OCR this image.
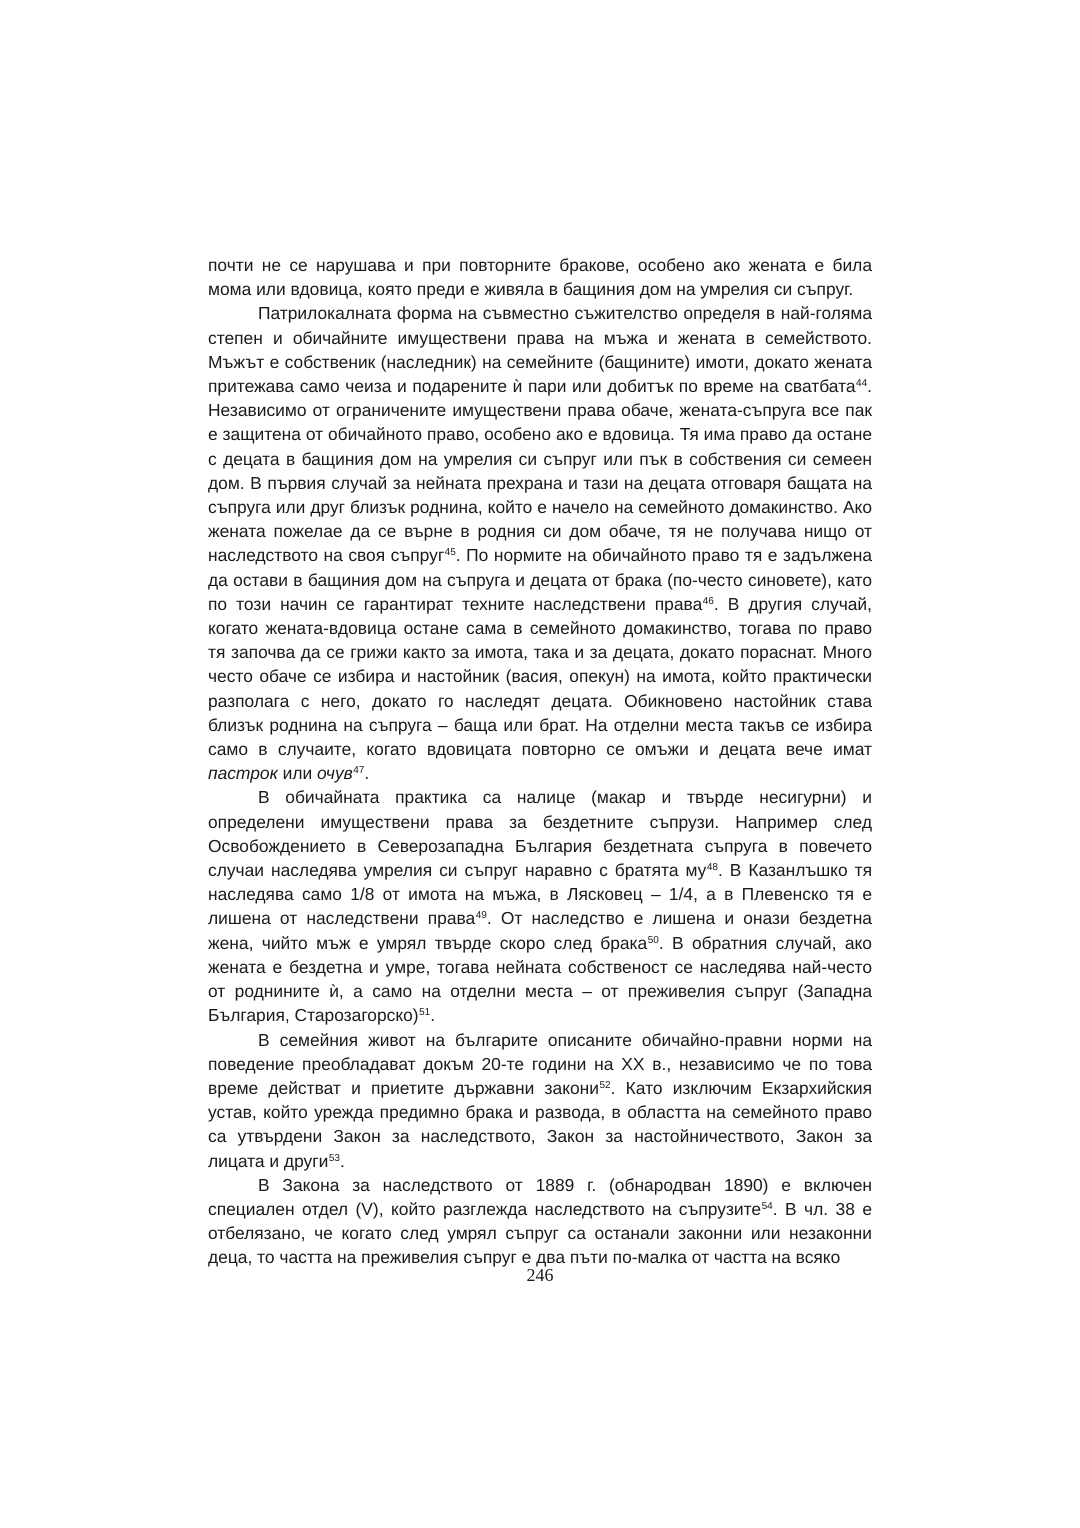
почти не се нарушава и при повторните бракове, особено ако жената е била мома или вдовица, която преди е живяла в бащиния дом на умрелия си съпруг.

Патрилокалната форма на съвместно съжителство определя в най-голяма степен и обичайните имуществени права на мъжа и жената в семейството. Мъжът е собственик (наследник) на семейните (бащините) имоти, докато жената притежава само чеиза и подарените ѝ пари или добитък по време на сватбата$^{44}$. Независимо от ограничените имуществени права обаче, жената-съпруга все пак е защитена от обичайното право, особено ако е вдовица. Тя има право да остане с децата в бащиния дом на умрелия си съпруг или пък в собствения си семеен дом. В първия случай за нейната прехрана и тази на децата отговаря бащата на съпруга или друг близък роднина, който е начело на семейното домакинство. Ако жената пожелае да се върне в родния си дом обаче, тя не получава нищо от наследството на своя съпруг$^{45}$. По нормите на обичайното право тя е задължена да остави в бащиния дом на съпруга и децата от брака (по-често синовете), като по този начин се гарантират техните наследствени права$^{46}$. В другия случай, когато жената-вдовица остане сама в семейното домакинство, тогава по право тя започва да се грижи както за имота, така и за децата, докато пораснат. Много често обаче се избира и настойник (васия, опекун) на имота, който практически разполага с него, докато го наследят децата. Обикновено настойник става близък роднина на съпруга – баща или брат. На отделни места такъв се избира само в случаите, когато вдовицата повторно се омъжи и децата вече имат пастрок или очув$^{47}$.

В обичайната практика са налице (макар и твърде несигурни) и определени имуществени права за бездетните съпрузи. Например след Освобождението в Северозападна България бездетната съпруга в повечето случаи наследява умрелия си съпруг наравно с братята $му^{48}$. В Казанлъшко тя наследява само 1/8 от имота на мъжа, в Лясковец – 1/4, а в Плевенско тя е лишена от наследствени права$^{49}$. От наследство е лишена и онази бездетна жена, чийто мъж е умрял твърде скоро след брака$^{50}$. В обратния случай, ако жената е бездетна и умре, тогава нейната собственост се наследява най-често от роднините ѝ, а само на отделни места – от преживелия съпруг (Западна България, Старозагорско)$^{51}$.

В семейния живот на българите описаните обичайно-правни норми на поведение преобладават докъм 20-те години на XX в., независимо че по това време действат и приетите държавни закони$^{52}$. Като изключим Екзархийския устав, който урежда предимно брака и развода, в областта на семейното право са утвърдени Закон за наследството, Закон за настойничеството, Закон за лицата и други$^{53}$.

В Закона за наследството от 1889 г. (обнародван 1890) е включен специален отдел (V), който разглежда наследството на съпрузите$^{54}$. В чл. 38 е отбелязано, че когато след умрял съпруг са останали законни или незаконни деца, то частта на преживелия съпруг е два пъти по-малка от частта на всяко

246
